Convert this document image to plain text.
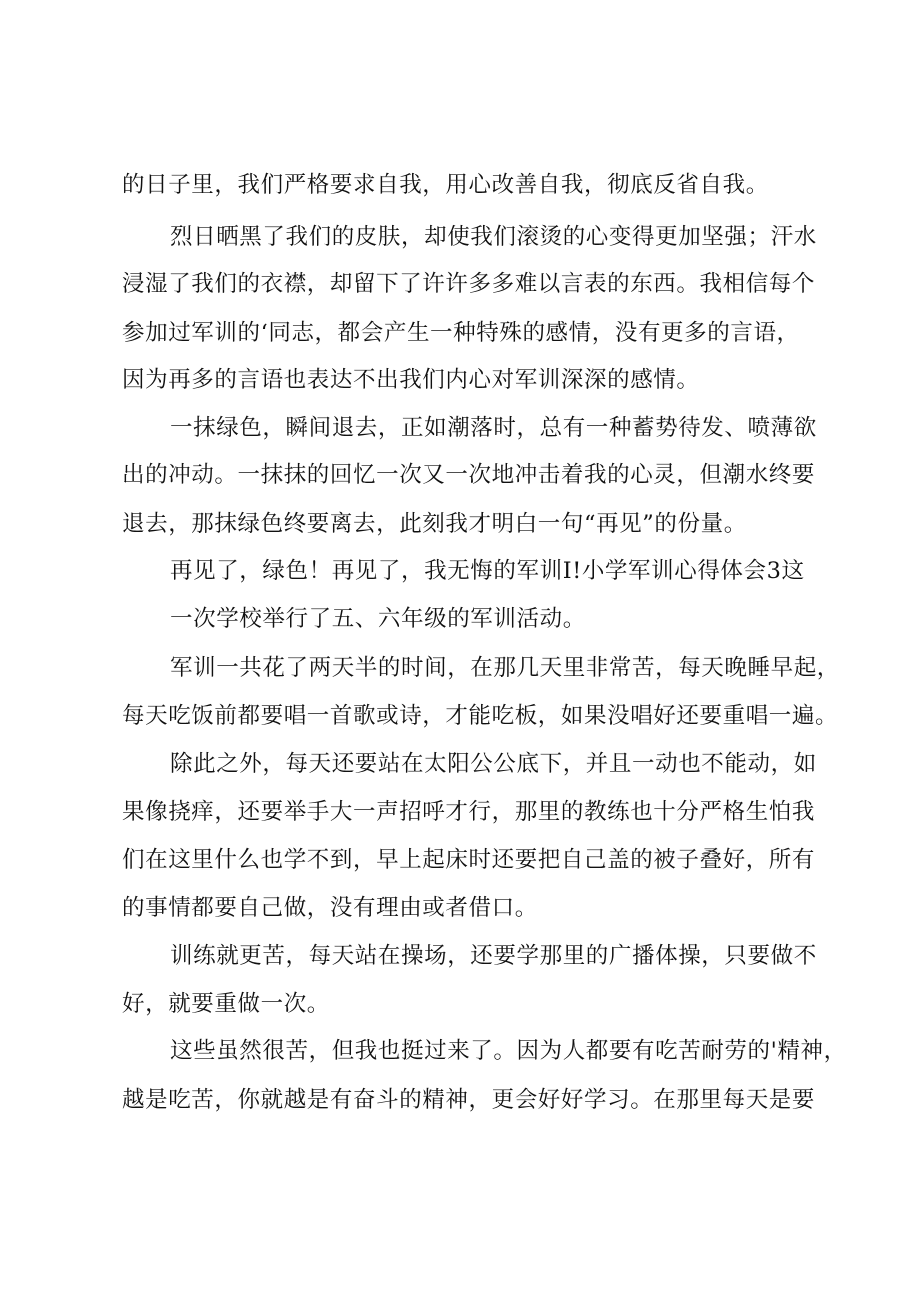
的日子里，我们严格要求自我，用心改善自我，彻底反省自我。
烈日晒黑了我们的皮肤，却使我们滚烫的心变得更加坚强；汗水
浸湿了我们的衣襟，却留下了许许多多难以言表的东西。我相信每个
参加过军训的‘同志，都会产生一种特殊的感情，没有更多的言语，
因为再多的言语也表达不出我们内心对军训深深的感情。
一抹绿色，瞬间退去，正如潮落时，总有一种蓄势待发、喷薄欲
出的冲动。一抹抹的回忆一次又一次地冲击着我的心灵，但潮水终要
退去，那抹绿色终要离去，此刻我才明白一句“再见”的份量。
再见了，绿色！再见了，我无悔的军训Ⅰ!小学军训心得体会3这
一次学校举行了五、六年级的军训活动。
军训一共花了两天半的时间，在那几天里非常苦，每天晚睡早起，
每天吃饭前都要唱一首歌或诗，才能吃板，如果没唱好还要重唱一遍。
除此之外，每天还要站在太阳公公底下，并且一动也不能动，如
果像挠痒，还要举手大一声招呼才行，那里的教练也十分严格生怕我
们在这里什么也学不到，早上起床时还要把自己盖的被子叠好，所有
的事情都要自己做，没有理由或者借口。
训练就更苦，每天站在操场，还要学那里的广播体操，只要做不
好，就要重做一次。
这些虽然很苦，但我也挺过来了。因为人都要有吃苦耐劳的'精神，
越是吃苦，你就越是有奋斗的精神，更会好好学习。在那里每天是要
